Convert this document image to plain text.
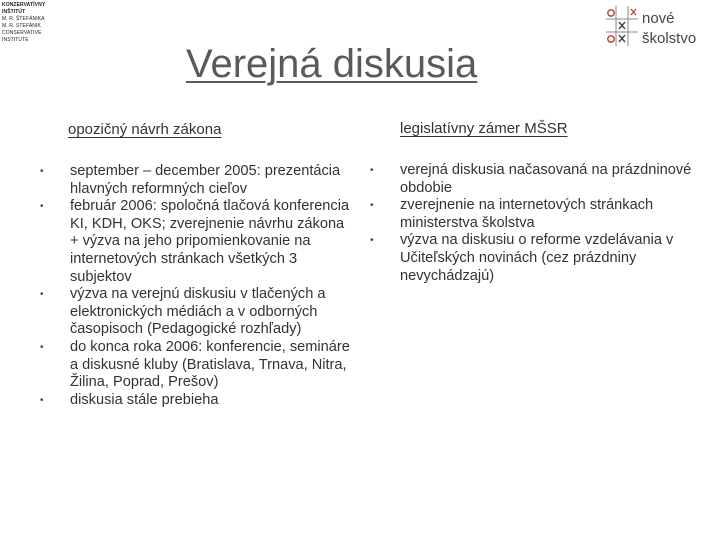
KONZERVATÍVNY
INŠTITÚT
M. R. ŠTEFÁNIKA
M. R. STEFANIK
CONSERVATIVE
INSTITUTE
nové
školstvo
Verejná diskusia
opozičný návrh zákona	legislatívny zámer MŠSR
• september – december 2005: prezentácia hlavných reformných cieľov
• február 2006: spoločná tlačová konferencia KI, KDH, OKS; zverejnenie návrhu zákona + výzva na jeho pripomienkovanie na internetových stránkach všetkých 3 subjektov
• výzva na verejnú diskusiu v tlačených a elektronických médiách a v odborných časopisoch (Pedagogické rozhľady)
• do konca roka 2006: konferencie, semináre a diskusné kluby (Bratislava, Trnava, Nitra, Žilina, Poprad, Prešov)
• diskusia stále prebieha
• verejná diskusia načasovaná na prázdninové obdobie
• zverejnenie na internetových stránkach ministerstva školstva
• výzva na diskusiu o reforme vzdelávania v Učiteľských novinách (cez prázdniny nevychádzajú)
